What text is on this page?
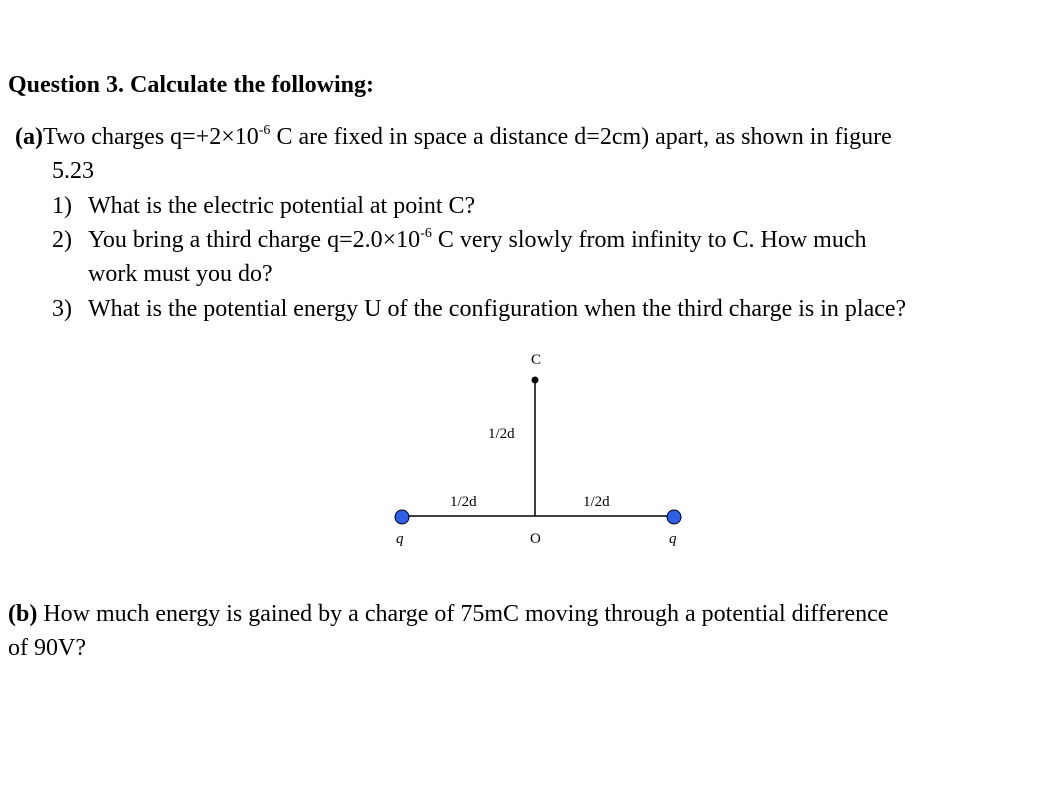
Question 3. Calculate the following:
(a)Two charges $q=+2\times 10^{-6}$ C are fixed in space a distance d=2cm) apart, as shown in figure
5.23
1) What is the electric potential at point C?
2) You bring a third charge $q=2.0\times 10^{-6}$ C very slowly from infinity to C. How much
work must you do?
3) What is the potential energy U of the configuration when the third charge is in place?
C
1/2d
1/2d	1/2d
q	O	q
(b) How much energy is gained by a charge of 75mC moving through a potential difference
of 90V?
